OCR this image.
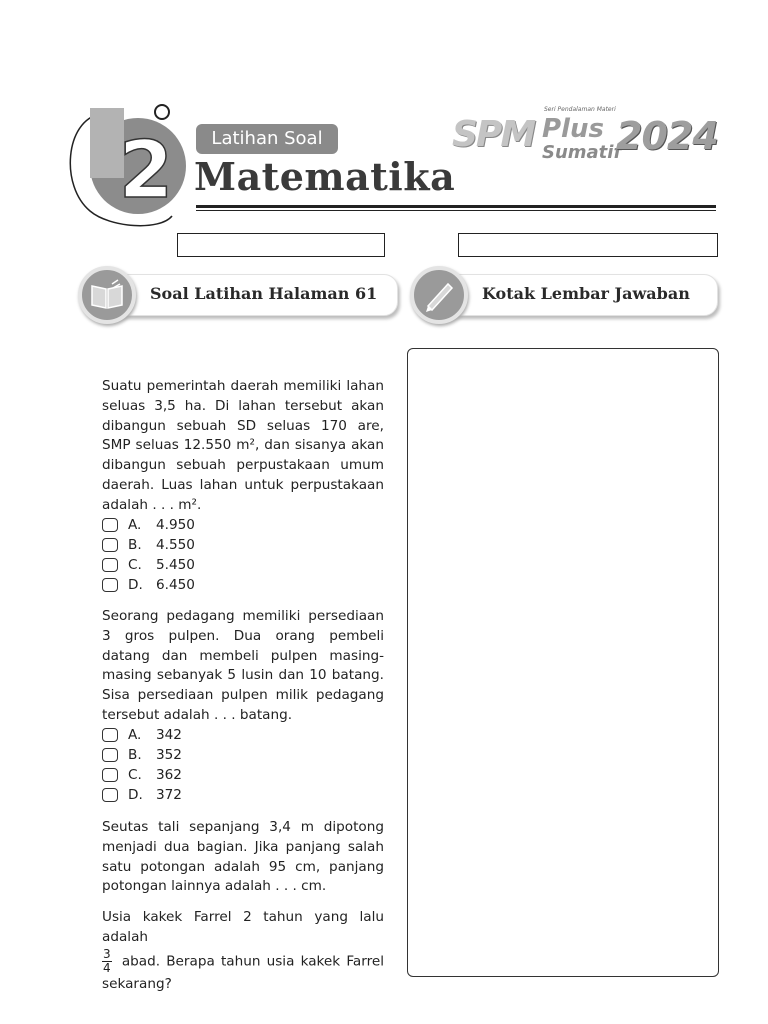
2	Latihan Soal
Matematika
SPM
Seri Pendalaman Materi
Plus
Sumatif
2024
Soal Latihan Halaman 61	Kotak Lembar Jawaban
Suatu pemerintah daerah memiliki lahan seluas 3,5 ha. Di lahan tersebut akan dibangun sebuah SD seluas 170 are, SMP seluas 12.550 m², dan sisanya akan dibangun sebuah perpustakaan umum daerah. Luas lahan untuk perpustakaan adalah . . . m².
A. 4.950
B. 4.550
C. 5.450
D. 6.450
Seorang pedagang memiliki persediaan 3 gros pulpen. Dua orang pembeli datang dan membeli pulpen masing-masing sebanyak 5 lusin dan 10 batang. Sisa persediaan pulpen milik pedagang tersebut adalah . . . batang.
A. 342
B. 352
C. 362
D. 372
Seutas tali sepanjang 3,4 m dipotong menjadi dua bagian. Jika panjang salah satu potongan adalah 95 cm, panjang potongan lainnya adalah . . . cm.
Usia kakek Farrel 2 tahun yang lalu adalah

$\frac{3}{4}$ abad. Berapa tahun usia kakek Farrel sekarang?
